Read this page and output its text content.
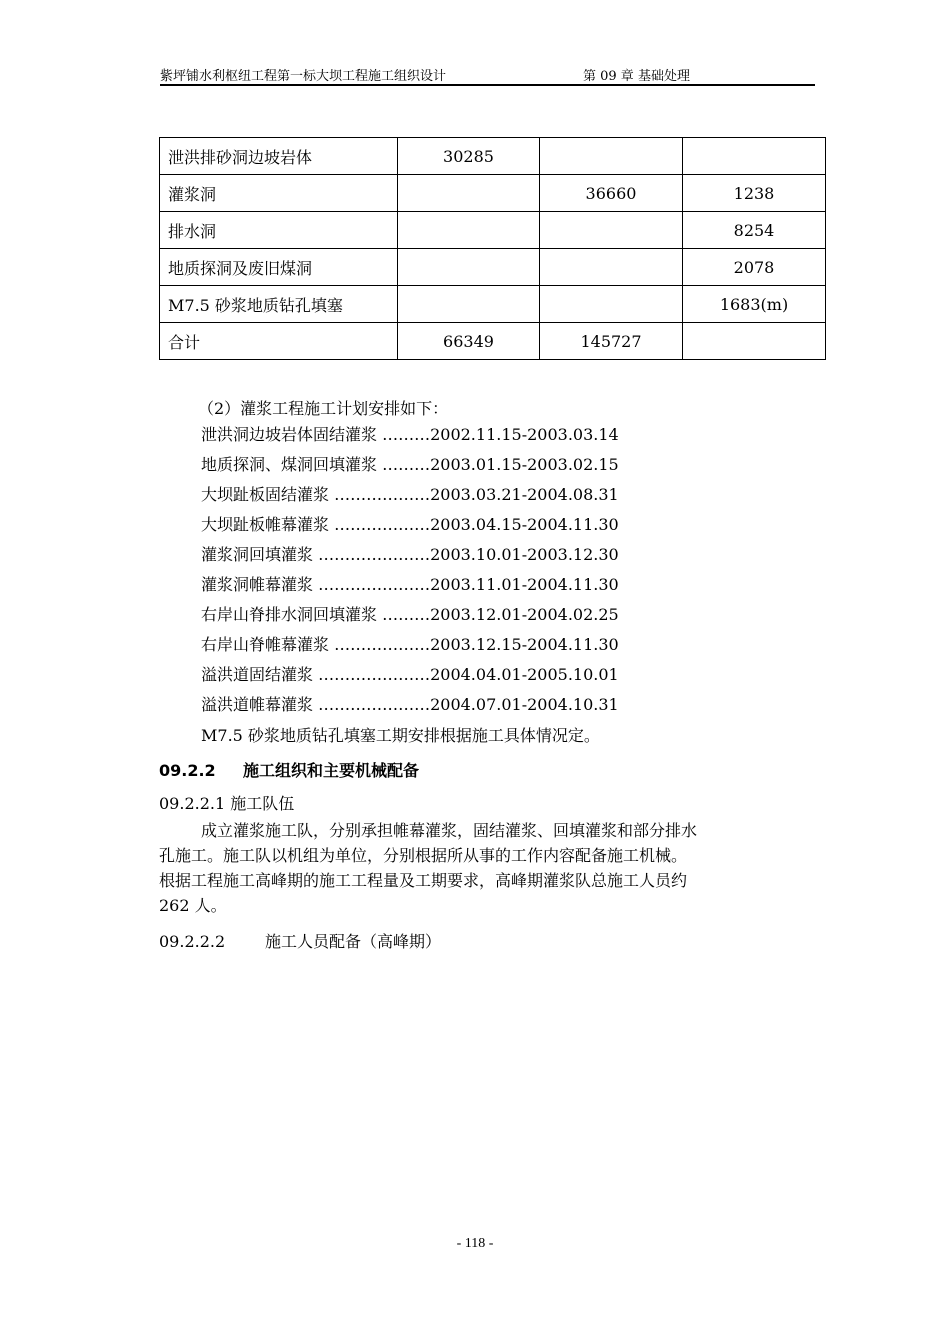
紫坪铺水利枢纽工程第一标大坝工程施工组织设计	第 09 章 基础处理
泄洪排砂洞边坡岩体	30285		
灌浆洞		36660	1238
排水洞			8254
地质探洞及废旧煤洞			2078
M7.5 砂浆地质钻孔填塞			1683(m)
合计	66349	145727	
（2）灌浆工程施工计划安排如下：
泄洪洞边坡岩体固结灌浆 ………2002.11.15-2003.03.14
地质探洞、煤洞回填灌浆 ………2003.01.15-2003.02.15
大坝趾板固结灌浆 ………………2003.03.21-2004.08.31
大坝趾板帷幕灌浆 ………………2003.04.15-2004.11.30
灌浆洞回填灌浆 …………………2003.10.01-2003.12.30
灌浆洞帷幕灌浆 …………………2003.11.01-2004.11.30
右岸山脊排水洞回填灌浆 ………2003.12.01-2004.02.25
右岸山脊帷幕灌浆 ………………2003.12.15-2004.11.30
溢洪道固结灌浆 …………………2004.04.01-2005.10.01
溢洪道帷幕灌浆 …………………2004.07.01-2004.10.31
M7.5 砂浆地质钻孔填塞工期安排根据施工具体情况定。
09.2.2 施工组织和主要机械配备
09.2.2.1 施工队伍

成立灌浆施工队，分别承担帷幕灌浆，固结灌浆、回填灌浆和部分排水
孔施工。施工队以机组为单位，分别根据所从事的工作内容配备施工机械。
根据工程施工高峰期的施工工程量及工期要求，高峰期灌浆队总施工人员约
262 人。

09.2.2.2 施工人员配备（高峰期）
- 118 -
